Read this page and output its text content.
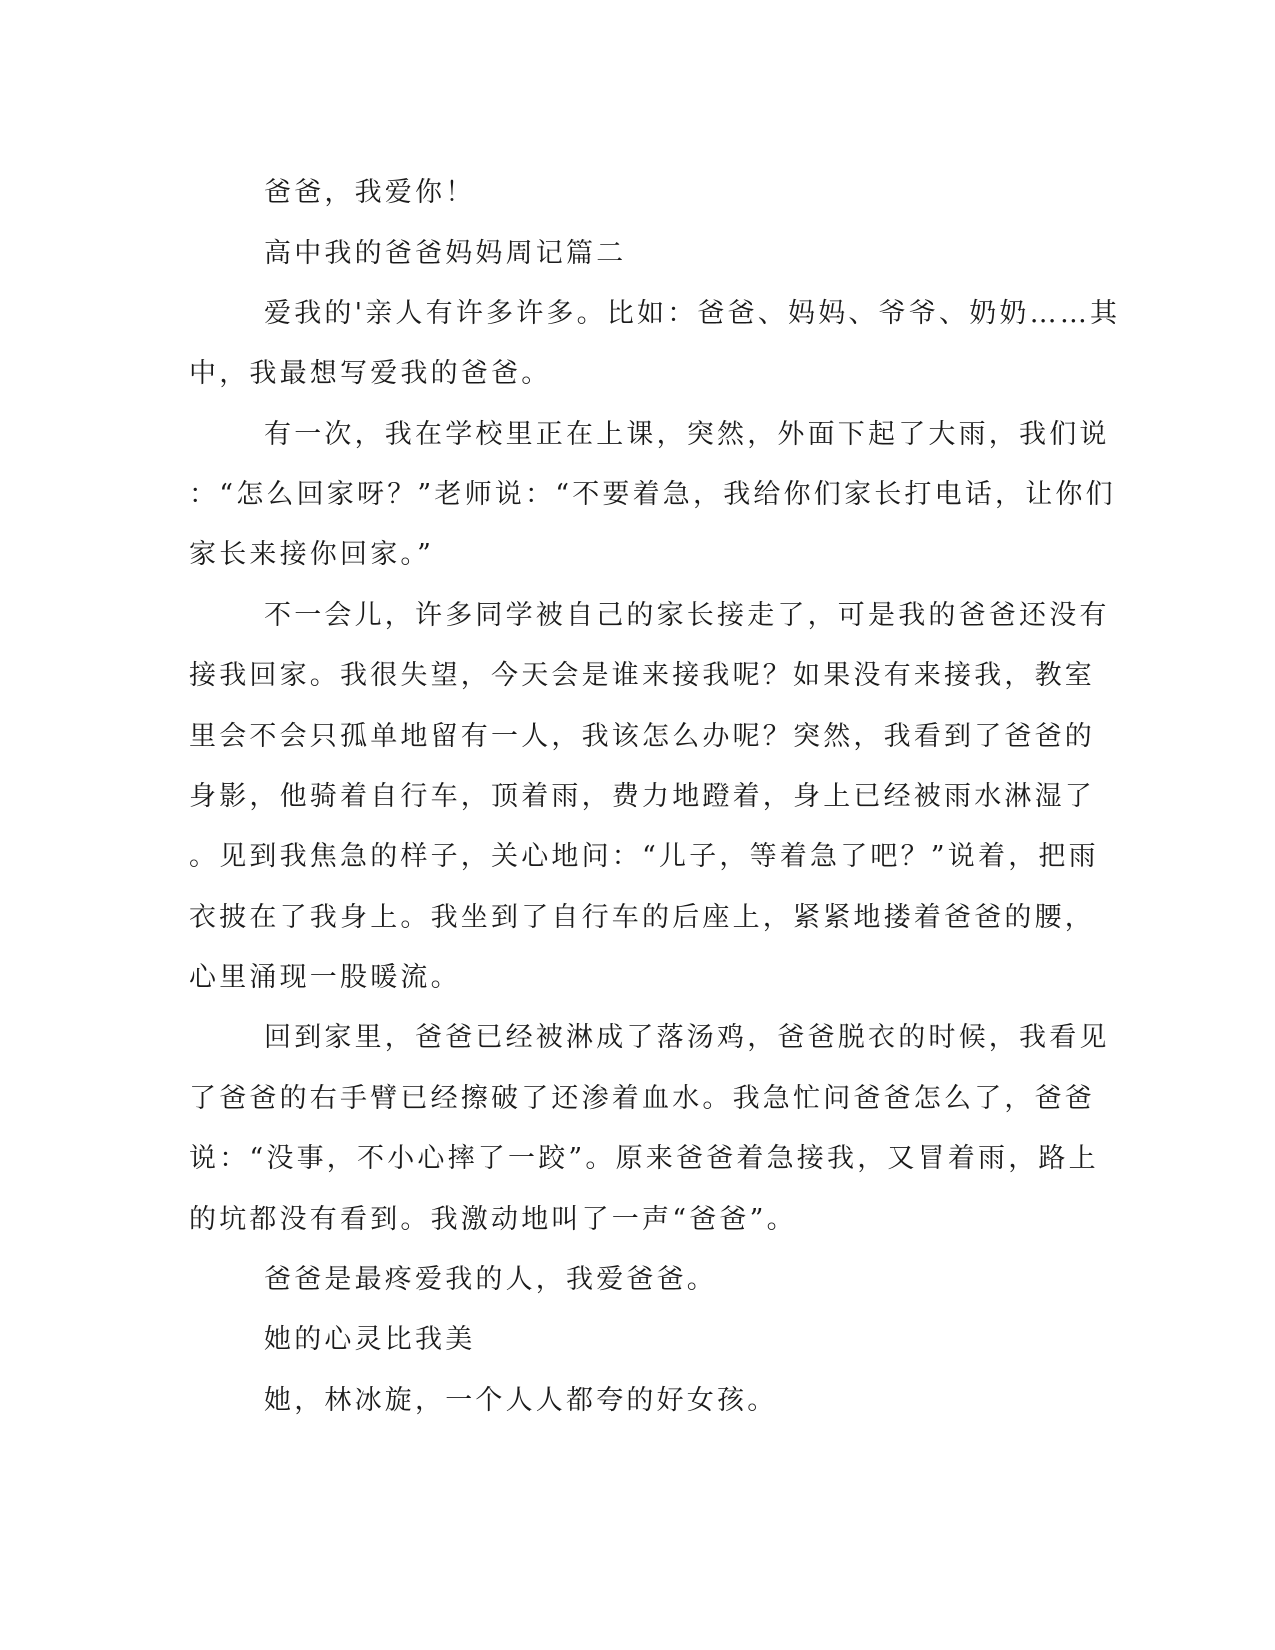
爸爸，我爱你！
高中我的爸爸妈妈周记篇二
爱我的'亲人有许多许多。比如：爸爸、妈妈、爷爷、奶奶……其
中，我最想写爱我的爸爸。
有一次，我在学校里正在上课，突然，外面下起了大雨，我们说
：“怎么回家呀？”老师说：“不要着急，我给你们家长打电话，让你们
家长来接你回家。”
不一会儿，许多同学被自己的家长接走了，可是我的爸爸还没有
接我回家。我很失望，今天会是谁来接我呢？如果没有来接我，教室
里会不会只孤单地留有一人，我该怎么办呢？突然，我看到了爸爸的
身影，他骑着自行车，顶着雨，费力地蹬着，身上已经被雨水淋湿了
。见到我焦急的样子，关心地问：“儿子，等着急了吧？”说着，把雨
衣披在了我身上。我坐到了自行车的后座上，紧紧地搂着爸爸的腰，
心里涌现一股暖流。
回到家里，爸爸已经被淋成了落汤鸡，爸爸脱衣的时候，我看见
了爸爸的右手臂已经擦破了还渗着血水。我急忙问爸爸怎么了，爸爸
说：“没事，不小心摔了一跤”。原来爸爸着急接我，又冒着雨，路上
的坑都没有看到。我激动地叫了一声“爸爸”。
爸爸是最疼爱我的人，我爱爸爸。
她的心灵比我美
她，林冰旋，一个人人都夸的好女孩。
